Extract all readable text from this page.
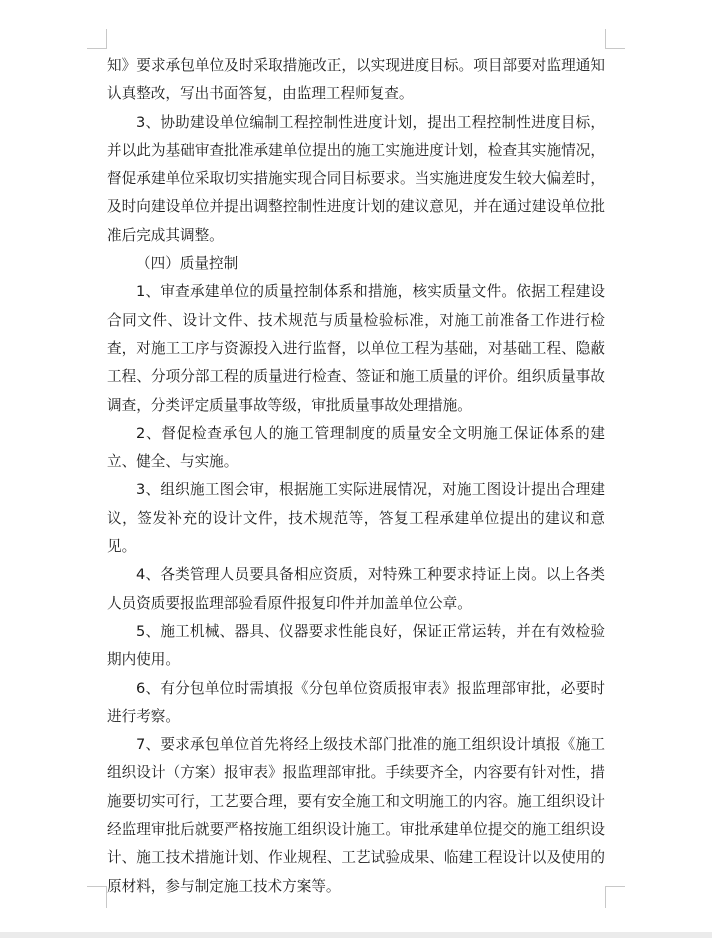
知》要求承包单位及时采取措施改正，以实现进度目标。项目部要对监理通知认真整改，写出书面答复，由监理工程师复查。

3、协助建设单位编制工程控制性进度计划，提出工程控制性进度目标，并以此为基础审查批准承建单位提出的施工实施进度计划，检查其实施情况，督促承建单位采取切实措施实现合同目标要求。当实施进度发生较大偏差时，及时向建设单位并提出调整控制性进度计划的建议意见，并在通过建设单位批准后完成其调整。

（四）质量控制

1、审查承建单位的质量控制体系和措施，核实质量文件。依据工程建设合同文件、设计文件、技术规范与质量检验标准，对施工前准备工作进行检查，对施工工序与资源投入进行监督，以单位工程为基础，对基础工程、隐蔽工程、分项分部工程的质量进行检查、签证和施工质量的评价。组织质量事故调查，分类评定质量事故等级，审批质量事故处理措施。

2、督促检查承包人的施工管理制度的质量安全文明施工保证体系的建立、健全、与实施。

3、组织施工图会审，根据施工实际进展情况，对施工图设计提出合理建议，签发补充的设计文件，技术规范等，答复工程承建单位提出的建议和意见。

4、各类管理人员要具备相应资质，对特殊工种要求持证上岗。以上各类人员资质要报监理部验看原件报复印件并加盖单位公章。

5、施工机械、器具、仪器要求性能良好，保证正常运转，并在有效检验期内使用。

6、有分包单位时需填报《分包单位资质报审表》报监理部审批，必要时进行考察。

7、要求承包单位首先将经上级技术部门批准的施工组织设计填报《施工组织设计（方案）报审表》报监理部审批。手续要齐全，内容要有针对性，措施要切实可行，工艺要合理，要有安全施工和文明施工的内容。施工组织设计经监理审批后就要严格按施工组织设计施工。审批承建单位提交的施工组织设计、施工技术措施计划、作业规程、工艺试验成果、临建工程设计以及使用的原材料，参与制定施工技术方案等。
